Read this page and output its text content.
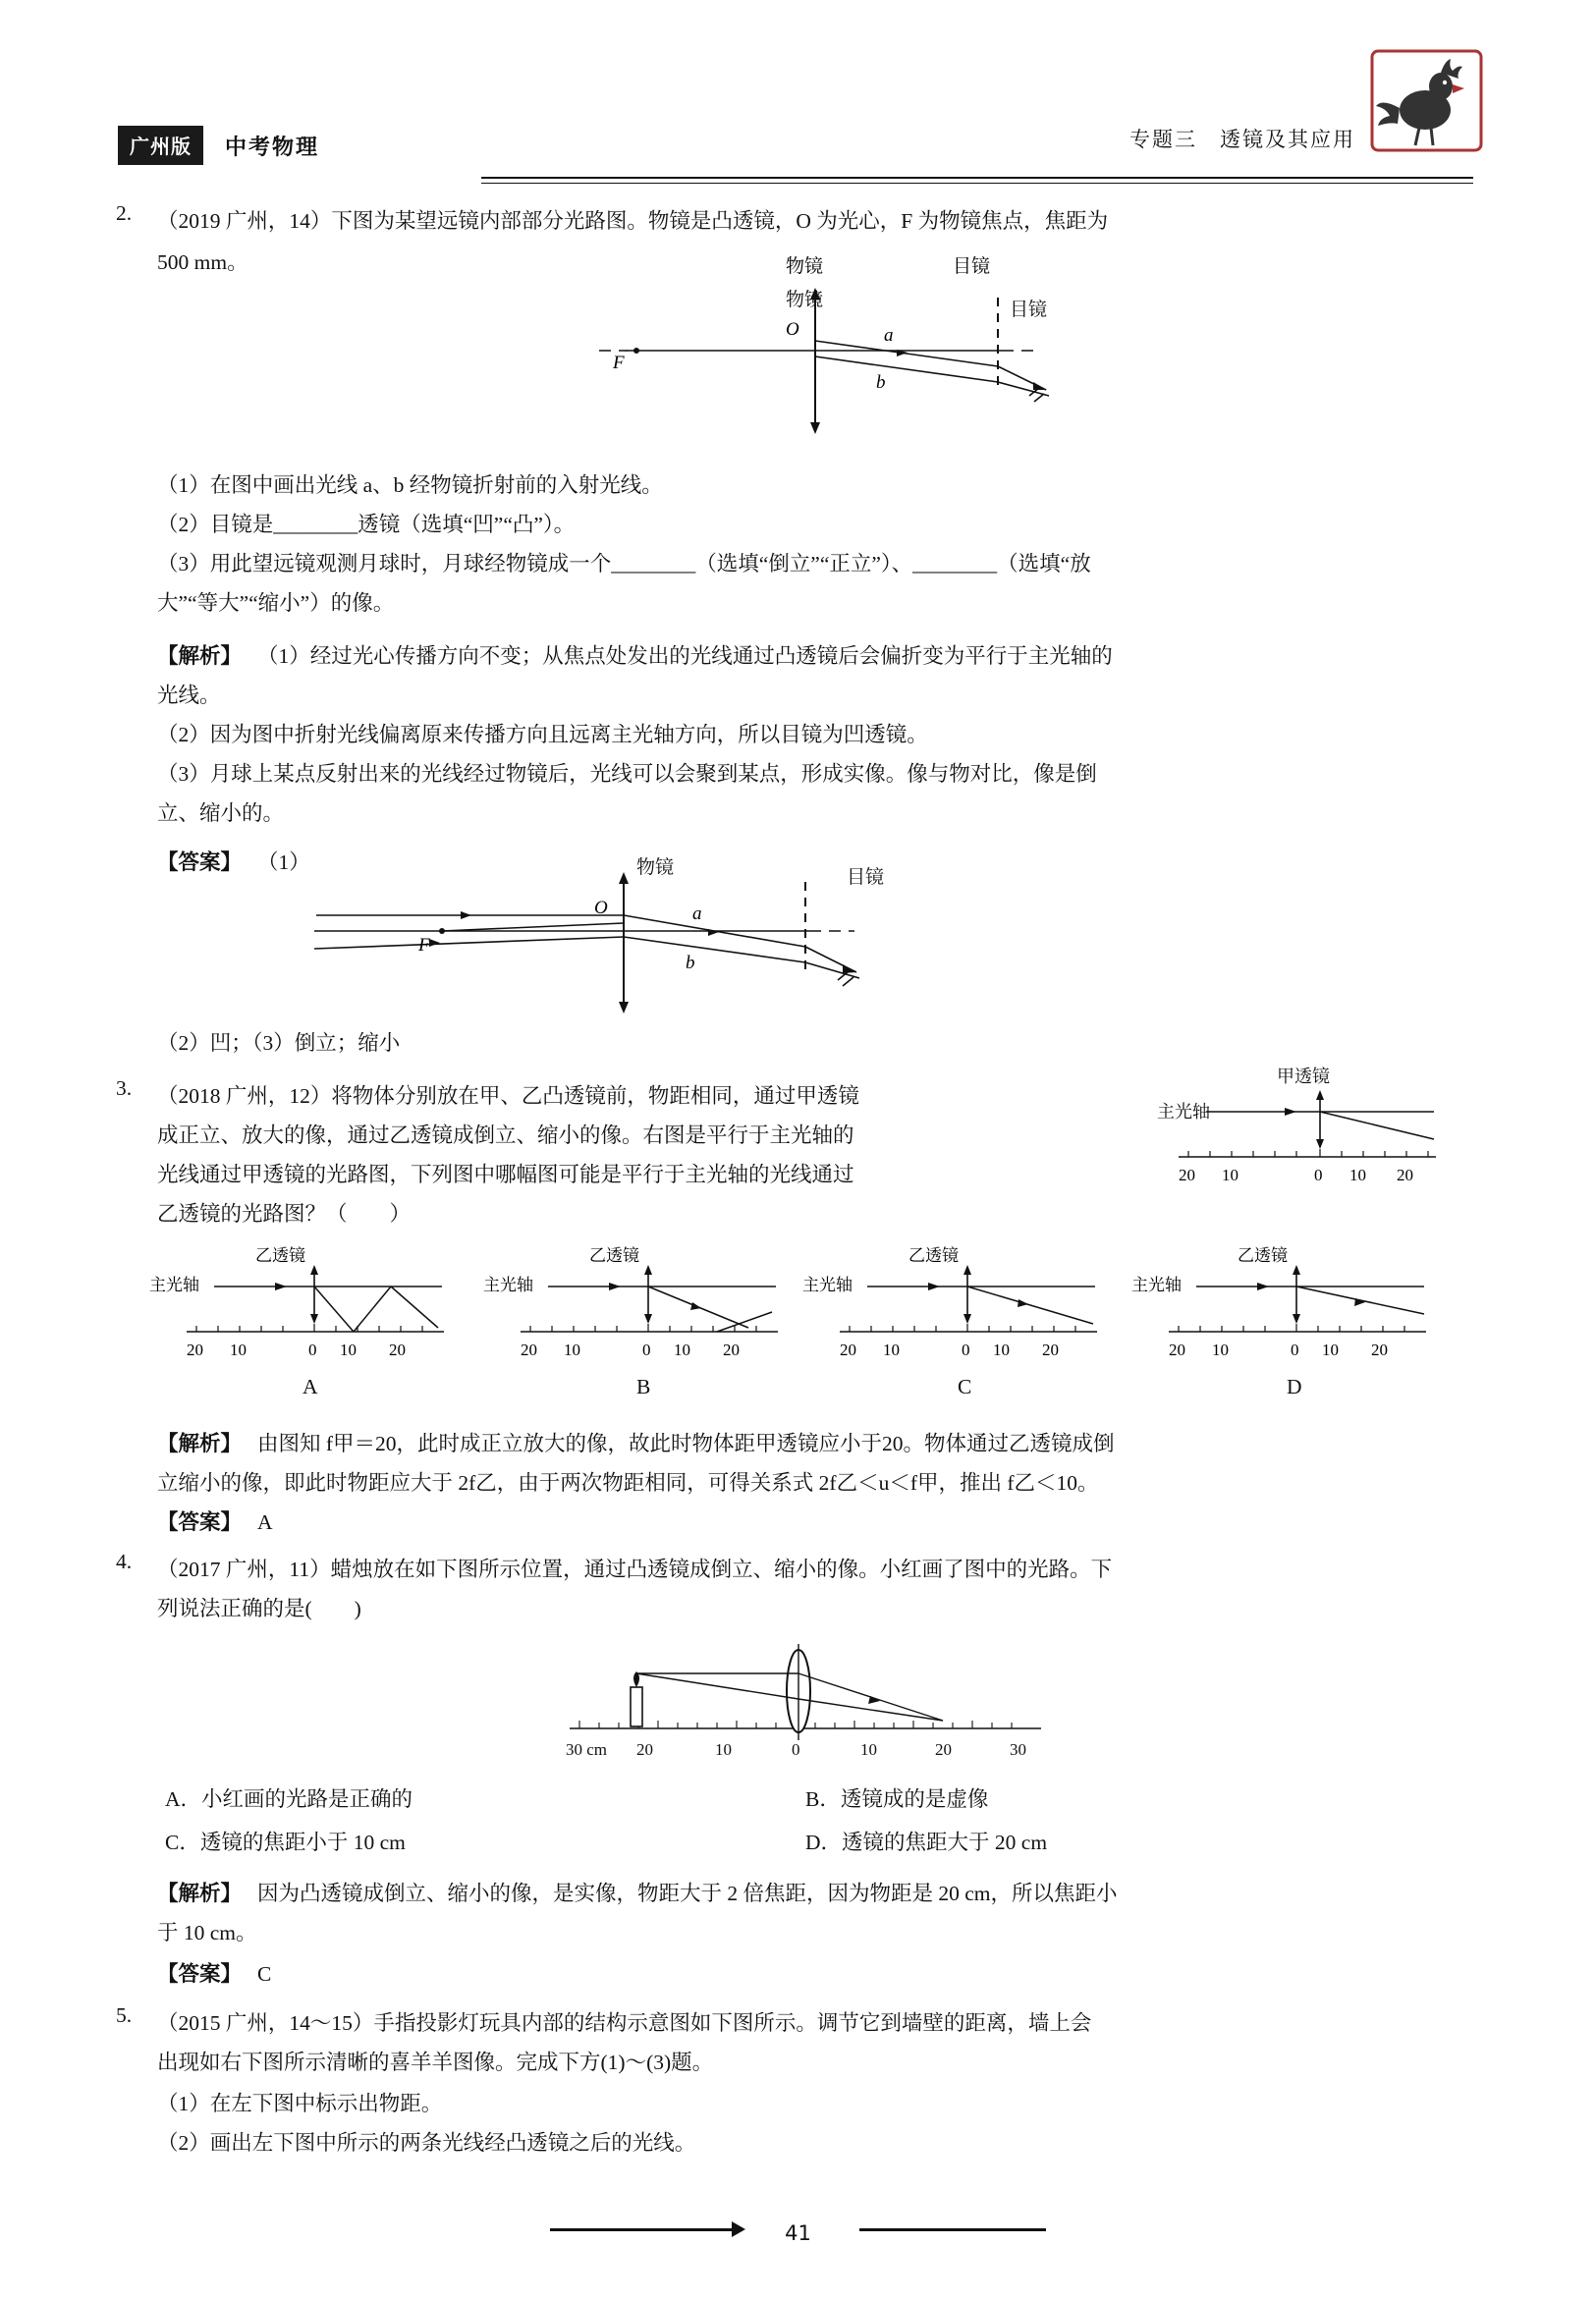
广州版	中考物理	专题三　透镜及其应用
2. （2019 广州，14）下图为某望远镜内部部分光路图。物镜是凸透镜，O 为光心，F 为物镜焦点，焦距为
500 mm。
O
F
a
b
物镜	目镜
物镜	目镜
（1）在图中画出光线 a、b 经物镜折射前的入射光线。
（2）目镜是________透镜（选填“凹”“凸”）。
（3）用此望远镜观测月球时，月球经物镜成一个________（选填“倒立”“正立”）、________（选填“放
大”“等大”“缩小”）的像。
【解析】 （1）经过光心传播方向不变；从焦点处发出的光线通过凸透镜后会偏折变为平行于主光轴的
光线。
（2）因为图中折射光线偏离原来传播方向且远离主光轴方向，所以目镜为凹透镜。
（3）月球上某点反射出来的光线经过物镜后，光线可以会聚到某点，形成实像。像与物对比，像是倒
立、缩小的。
【答案】 （1）
O
F
a
b
物镜	目镜
（2）凹；（3）倒立；缩小
3. （2018 广州，12）将物体分别放在甲、乙凸透镜前，物距相同，通过甲透镜
成正立、放大的像，通过乙透镜成倒立、缩小的像。右图是平行于主光轴的
光线通过甲透镜的光路图，下列图中哪幅图可能是平行于主光轴的光线通过
乙透镜的光路图？（　　）
甲透镜
主光轴
20 10	0 10 20
主光轴
乙透镜
20 10	0 10 20
主光轴
乙透镜
20 10	0 10 20
主光轴
乙透镜
20 10	0 10 20
主光轴
乙透镜
20 10	0 10 20
A	B	C	D
【解析】 由图知 f甲＝20，此时成正立放大的像，故此时物体距甲透镜应小于20。物体通过乙透镜成倒
立缩小的像，即此时物距应大于 2f乙，由于两次物距相同，可得关系式 2f乙＜u＜f甲，推出 f乙＜10。
【答案】 A
4. （2017 广州，11）蜡烛放在如下图所示位置，通过凸透镜成倒立、缩小的像。小红画了图中的光路。下
列说法正确的是(　　)
30 cm 20	10	0	10	20	30
A．小红画的光路是正确的	B．透镜成的是虚像
C．透镜的焦距小于 10 cm	D．透镜的焦距大于 20 cm
【解析】 因为凸透镜成倒立、缩小的像，是实像，物距大于 2 倍焦距，因为物距是 20 cm，所以焦距小
于 10 cm。
【答案】 C
5. （2015 广州，14～15）手指投影灯玩具内部的结构示意图如下图所示。调节它到墙壁的距离，墙上会
出现如右下图所示清晰的喜羊羊图像。完成下方(1)～(3)题。
（1）在左下图中标示出物距。
（2）画出左下图中所示的两条光线经凸透镜之后的光线。
41
